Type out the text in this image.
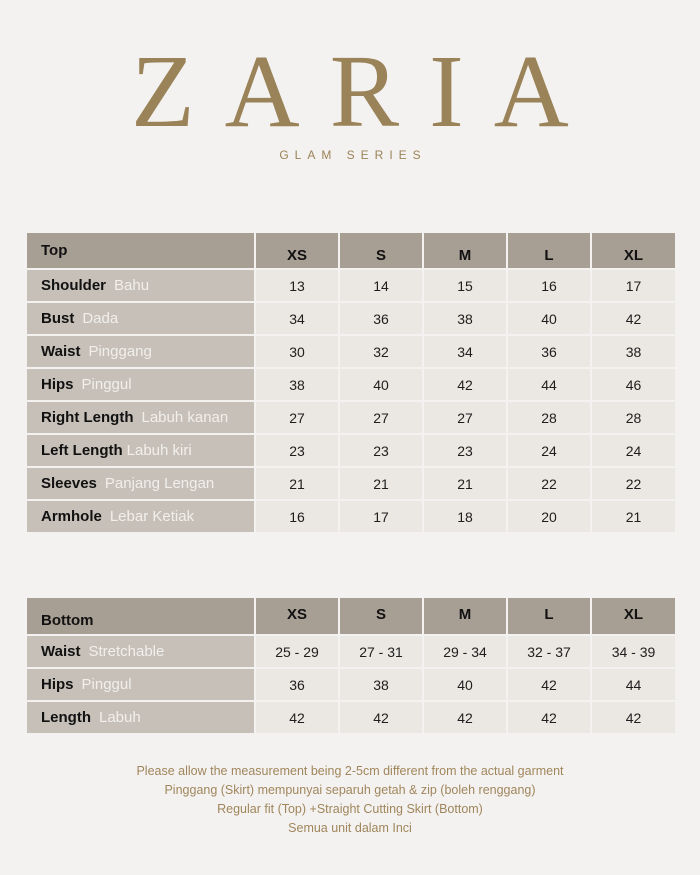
ZARIA
GLAM SERIES
Top	XS	S	M	L	XL
Shoulder Bahu	13	14	15	16	17
Bust Dada	34	36	38	40	42
Waist Pinggang	30	32	34	36	38
Hips Pinggul	38	40	42	44	46
Right Length Labuh kanan	27	27	27	28	28
Left Length Labuh kiri	23	23	23	24	24
Sleeves Panjang Lengan	21	21	21	22	22
Armhole Lebar Ketiak	16	17	18	20	21
Bottom	XS	S	M	L	XL
Waist Stretchable	25 - 29	27 - 31	29 - 34	32 - 37	34 - 39
Hips Pinggul	36	38	40	42	44
Length Labuh	42	42	42	42	42
Please allow the measurement being 2-5cm different from the actual garment
Pinggang (Skirt) mempunyai separuh getah & zip (boleh renggang)
Regular fit (Top) +Straight Cutting Skirt (Bottom)
Semua unit dalam Inci
